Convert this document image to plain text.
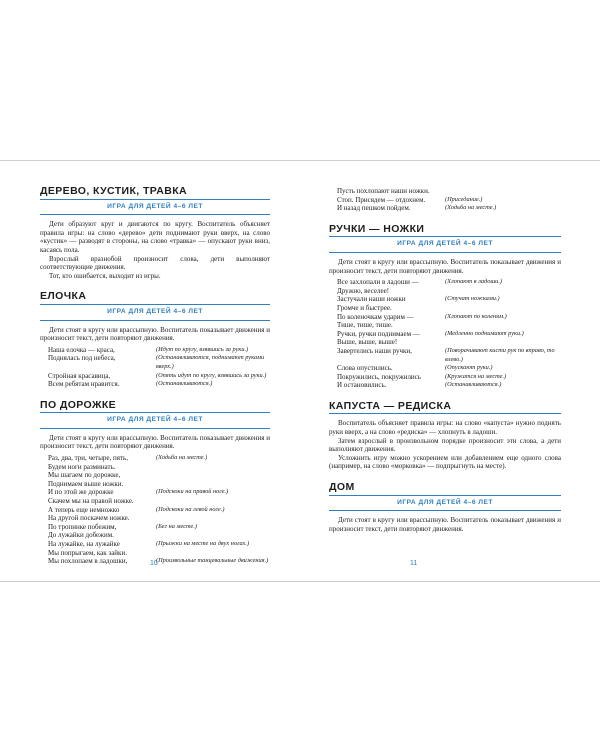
ДЕРЕВО, КУСТИК, ТРАВКА
ИГРА ДЛЯ ДЕТЕЙ 4–6 ЛЕТ

Дети образуют круг и двигаются по кругу. Воспитатель объясняет правила игры: на слово «дерево» дети поднимают руки вверх, на слово «кустик» — разводят в стороны, на слово «травка» — опускают руки вниз, касаясь пола.

Взрослый вразнобой произносит слова, дети выполняют соответствующие движения.

Тот, кто ошибается, выходит из игры.

ЕЛОЧКА
ИГРА ДЛЯ ДЕТЕЙ 4–6 ЛЕТ

Дети стоят в кругу или врассыпную. Воспитатель показывает движения и произносит текст, дети повторяют движения.

Наша елочка — краса,	(Идут по кругу, взявшись за руки.)
Поднялась под небеса,	(Останавливаются, поднимают руками вверх.)
Стройная красавица,	(Опять идут по кругу, взявшись за руки.)
Всем ребятам нравится.	(Останавливаются.)
ПО ДОРОЖКЕ
ИГРА ДЛЯ ДЕТЕЙ 4–6 ЛЕТ

Дети стоят в кругу или врассыпную. Воспитатель показывает движения и произносит текст, дети повторяют движения.

Раз, два, три, четыре, пять,	(Ходьба на месте.)
Будем ноги разминать.
Мы шагаем по дорожке,
Поднимаем выше ножки.
И по этой же дорожке	(Подскоки на правой ноге.)
Скачем мы на правой ножке.
А теперь еще немножко	(Подскоки на левой ноге.)
На другой поскачем ножке.
По тропинке побежим,	(Бег на месте.)
До лужайки добежим.
На лужайке, на лужайке	(Прыжки на месте на двух ногах.)
Мы попрыгаем, как зайки.
Мы похлопаем в ладошки,	(Произвольные танцевальные движения.)
10
Пусть похлопают наши ножки.
Стоп. Присядем — отдохнем.	(Приседание.)
И назад пешком пойдем.	(Ходьба на месте.)
РУЧКИ — НОЖКИ
ИГРА ДЛЯ ДЕТЕЙ 4–6 ЛЕТ

Дети стоят в кругу или врассыпную. Воспитатель показывает движения и произносит текст, дети повторяют движения.

Все захлопали в ладоши —	(Хлопают в ладоши.)
Дружно, веселее!
Застучали наши ножки	(Стучат ножками.)
Громче и быстрее.
По коленочкам ударим —	(Хлопают по коленям.)
Тише, тише, тише.
Ручки, ручки поднимаем —	(Медленно поднимают руки.)
Выше, выше, выше!
Завертелись наши ручки,	(Поворачивают кисти рук по вправо, то влево.)
Слова опустились.	(Опускают руки.)
Покружились, покружились	(Кружатся на месте.)
И остановились.	(Останавливаются.)
КАПУСТА — РЕДИСКА

Воспитатель объясняет правила игры: на слово «капуста» нужно поднять руки вверх, а на слово «редиска» — хлопнуть в ладоши.

Затем взрослый в произвольном порядке произносит эти слова, а дети выполняют движения.

Усложнить игру можно ускорением или добавлением еще одного слова (например, на слово «морковка» — подпрыгнуть на месте).

ДОМ
ИГРА ДЛЯ ДЕТЕЙ 4–6 ЛЕТ

Дети стоят в кругу или врассыпную. Воспитатель показывает движения и произносит текст, дети повторяют движения.

11
